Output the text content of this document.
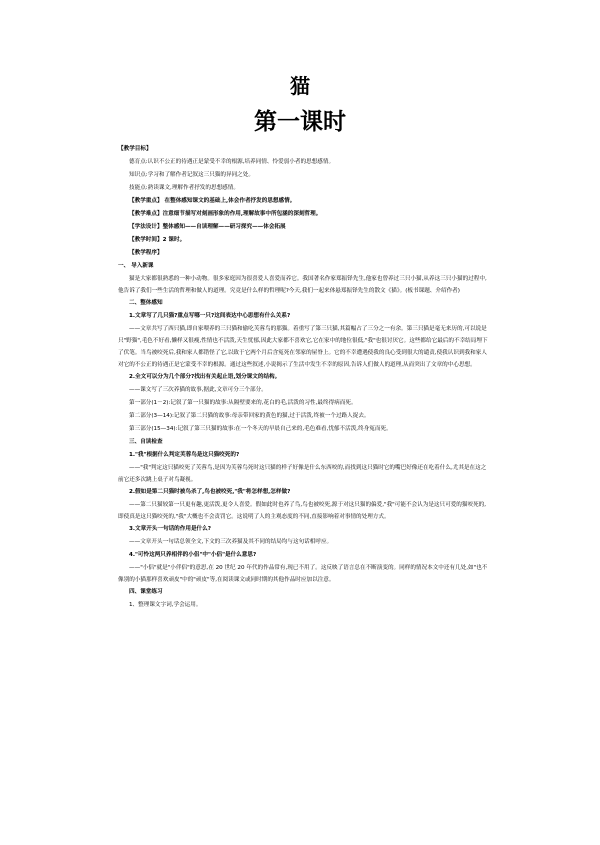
猫
第一课时

【教学目标】

德育点:认识不公正的待遇正是蒙受不幸的根源,培养同情、怜爱弱小者的思想感情。

知识点:学习和了解作者记叙这三只猫的异同之处。

技能点:熟读课文,理解作者抒发的思想感情。

【教学重点】 在整体感知课文的基础上,体会作者抒发的思想感情。

【教学难点】注意细节描写对刻画形象的作用,理解故事中所包涵的深刻哲理。

【学法设计】整体感知——自读理解——研习探究——体会拓展

【教学时间】2 课时。

【教学程序】

一、 导入新课

猫是大家都很熟悉的一种小动物。很多家庭因为很喜爱人喜爱而养它。我国著名作家郑振铎先生,他家也曾养过三只小猫,从养这三只小猫的过程中,他告诉了我们一些生活的哲理和做人的道理。究竟是什么样的哲理呢?今天,我们一起来体悬郑振铎先生的散文《猫》。(板书课题、介绍作者)

二、整体感知

1.文章写了几只猫?重点写哪一只?这间表达中心思想有什么关系?

——文章共写了西只猫,即自家喂养的三只猫和偷吃芙蓉鸟的那猫。着重写了第三只猫,其篇幅占了三分之一有余。第三只猫是毫无来历的,可以说是只"野猫",毛色不好看,懒样又很瘦,性情也不活泼,天生忧郁,因此大家都不喜欢它,它在家中的地位很低,"我"也很讨厌它。这些都给它最后的不幸结局埋下了伏笔。当鸟被咬死后,我和家人都错怪了它,以致于它两个月后含冤死在邻家的屋脊上。它的不幸遭遇使我的良心受到很大的谴责,使我认识到我和家人对它的不公正的待遇正是它蒙受不幸的根源。通过这些叙述,小说揭示了生活中发生不幸的原因,告诉人们做人的道理,从而突出了文章的中心思想。

2.全文可以分为几个部分?找出有关起止语,划分课文的结构。

——课文写了三次养猫的故事,据此,文章可分三个部分。

第一部分(1－2):记叙了第一只猫的故事:从隔壁要来的,花白的毛,活泼的习性,最终得病而死。

第二部分(3—14):记叙了第二只猫的故事:母亲带回家的黄色的猫,过于活泼,终被一个过路人捉去。

第三部分(15—34):记叙了第三只猫的故事:在一个冬天的早晨自己来的,毛色难看,忧郁不活泼,终身冤而死。

三、自读检查

1."我"根据什么判定芙蓉鸟是这只猫咬死的?

——"我"判定这只猫咬死了芙蓉鸟,是因为芙蓉鸟死时这只猫的样子好像是什么东西咬的,而找到这只猫时它的嘴巴好像还在吃着什么,尤其是在这之前它还多次跳上桌子对鸟凝视。

2.假如是第二只猫时被鸟杀了,鸟也被咬死,"我"将怎样想,怎样做?

——第二只猫较第一只更有趣,更活泼,更令人喜爱。假如此时也养了鸟,鸟也被咬死,源于对这只猫的偏爱,"我"可能不会认为是这只可爱的猫咬死的,即使真是这只猫咬死的,"我"大概也不会责罚它。这说明了人的主观态度的不同,直接影响着对事情的处理方式。

3.文章开头一句话的作用是什么?

——文章开头一句话总领全文,下文的三次养猫及其不同的结局均与这句话相呼应。

4."可怜这两只养相伴的小侣"中"小侣"是什么意思?

——"小侣"就是"小伴侣"的意思,在 20 世纪 20 年代的作品常有,现已不用了。这反映了语言总在不断演变的。同样的情况本文中还有几处,如"也不像别的小猫那样喜欢顽皮"中的"顽皮"等,在阅读课文或同时期的其他作品时应加以注意。

四、课堂练习

1、整理课文字词,学会运用。
